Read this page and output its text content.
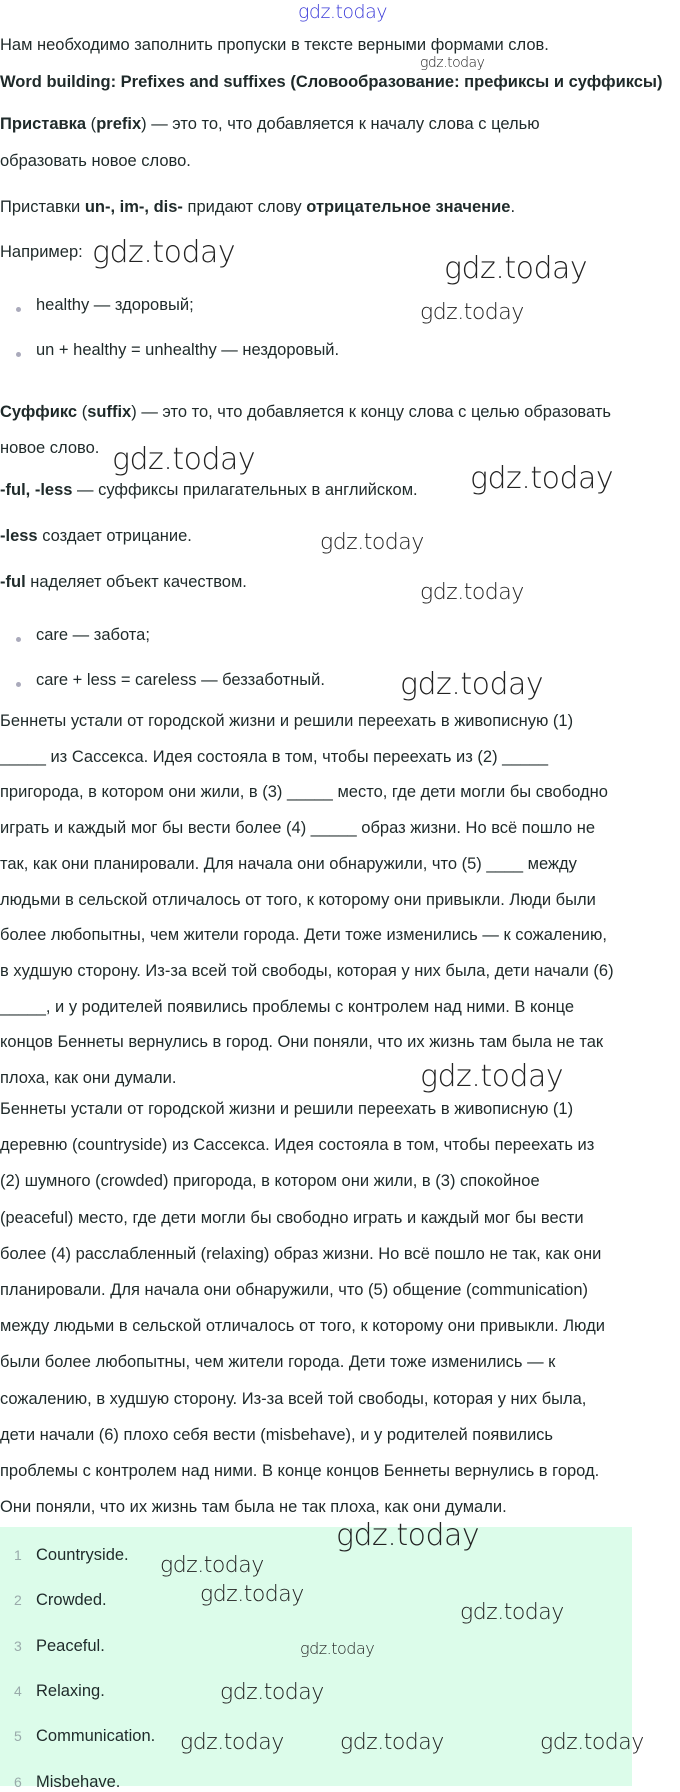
gdz.today
Нам необходимо заполнить пропуски в тексте верными формами слов.
Word building: Prefixes and suffixes (Словообразование: префиксы и суффиксы)
Приставка (prefix) — это то, что добавляется к началу слова с целью
образовать новое слово.
Приставки un-, im-, dis- придают слову отрицательное значение.
Например:
healthy — здоровый;
un + healthy = unhealthy — нездоровый.
Суффикс (suffix) — это то, что добавляется к концу слова с целью образовать
новое слово.
-ful, -less — суффиксы прилагательных в английском.
-less создает отрицание.
-ful наделяет объект качеством.
care — забота;
care + less = careless — беззаботный.
Беннеты устали от городской жизни и решили переехать в живописную (1)
_____ из Сассекса. Идея состояла в том, чтобы переехать из (2) _____
пригорода, в котором они жили, в (3) _____ место, где дети могли бы свободно
играть и каждый мог бы вести более (4) _____ образ жизни. Но всё пошло не
так, как они планировали. Для начала они обнаружили, что (5) ____ между
людьми в сельской отличалось от того, к которому они привыкли. Люди были
более любопытны, чем жители города. Дети тоже изменились — к сожалению,
в худшую сторону. Из-за всей той свободы, которая у них была, дети начали (6)
_____, и у родителей появились проблемы с контролем над ними. В конце
концов Беннеты вернулись в город. Они поняли, что их жизнь там была не так
плоха, как они думали.
Беннеты устали от городской жизни и решили переехать в живописную (1)
деревню (countryside) из Сассекса. Идея состояла в том, чтобы переехать из
(2) шумного (crowded) пригорода, в котором они жили, в (3) спокойное
(peaceful) место, где дети могли бы свободно играть и каждый мог бы вести
более (4) расслабленный (relaxing) образ жизни. Но всё пошло не так, как они
планировали. Для начала они обнаружили, что (5) общение (communication)
между людьми в сельской отличалось от того, к которому они привыкли. Люди
были более любопытны, чем жители города. Дети тоже изменились — к
сожалению, в худшую сторону. Из-за всей той свободы, которая у них была,
дети начали (6) плохо себя вести (misbehave), и у родителей появились
проблемы с контролем над ними. В конце концов Беннеты вернулись в город.
Они поняли, что их жизнь там была не так плоха, как они думали.
1 Countryside.
2 Crowded.
3 Peaceful.
4 Relaxing.
5 Communication.
6 Misbehave.
gdz.today
gdz.today	gdz.today
gdz.today
gdz.today
gdz.today
gdz.today
gdz.today
gdz.today
gdz.today
gdz.today
gdz.today
gdz.today
gdz.today
gdz.today
gdz.today
gdz.today	gdz.today	gdz.today
